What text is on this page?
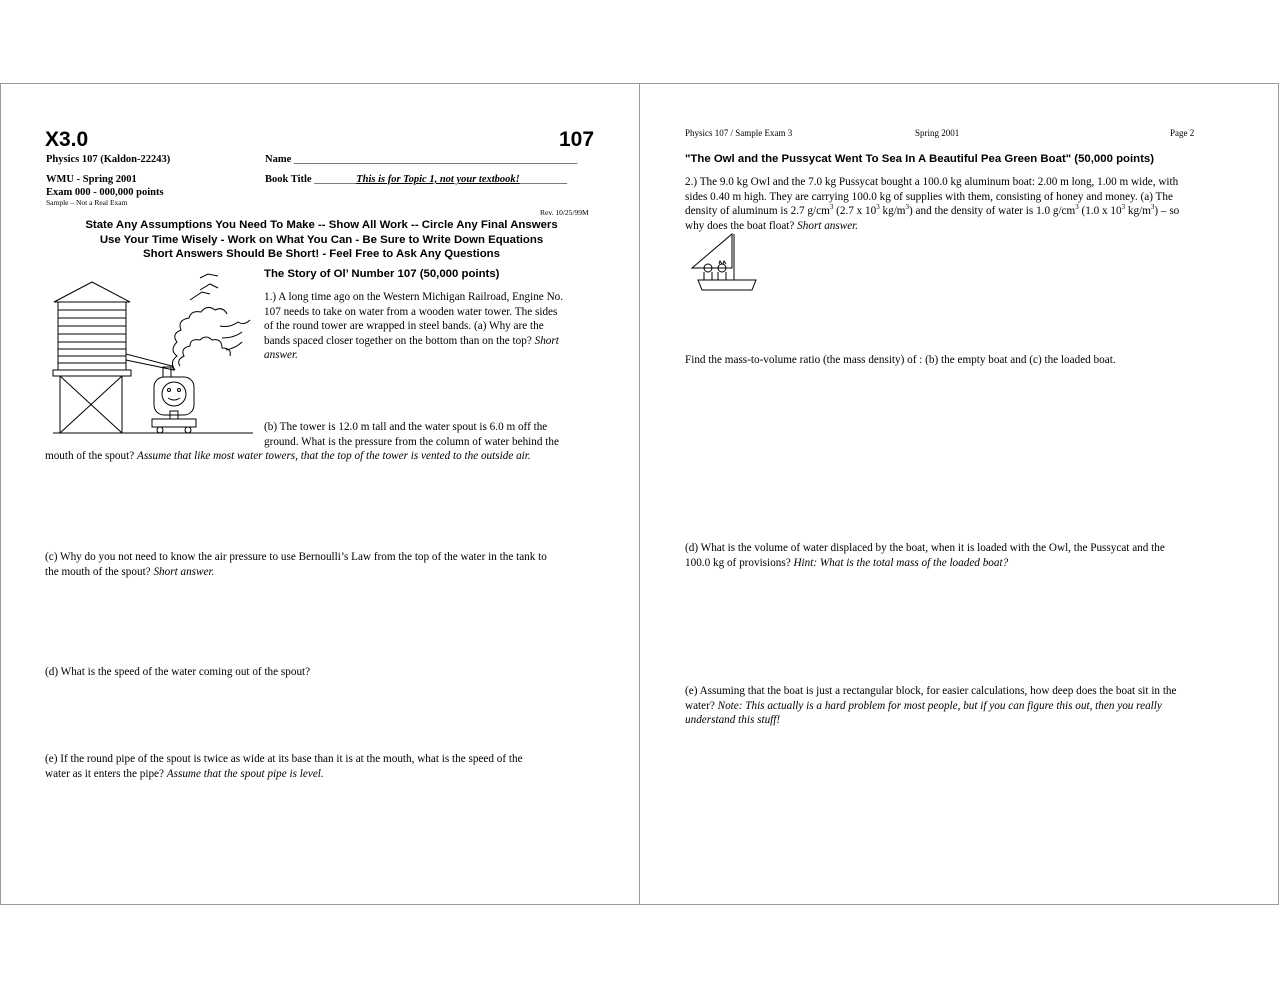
X3.0	107
Physics 107 (Kaldon-22243)
WMU - Spring 2001
Exam 000 - 000,000 points
Sample – Not a Real Exam
Name ______________________________________________________
Book Title ________This is for Topic 1, not your textbook!_________
Rev. 10/25/99M
State Any Assumptions You Need To Make -- Show All Work -- Circle Any Final Answers
Use Your Time Wisely - Work on What You Can - Be Sure to Write Down Equations
Short Answers Should Be Short! - Feel Free to Ask Any Questions
The Story of Ol’ Number 107 (50,000 points)
1.) A long time ago on the Western Michigan Railroad, Engine No.
107 needs to take on water from a wooden water tower. The sides
of the round tower are wrapped in steel bands. (a) Why are the
bands spaced closer together on the bottom than on the top? Short
answer.
(b) The tower is 12.0 m tall and the water spout is 6.0 m off the
ground. What is the pressure from the column of water behind the
mouth of the spout? Assume that like most water towers, that the top of the tower is vented to the outside air.
(c) Why do you not need to know the air pressure to use Bernoulli’s Law from the top of the water in the tank to
the mouth of the spout? Short answer.
(d) What is the speed of the water coming out of the spout?
(e) If the round pipe of the spout is twice as wide at its base than it is at the mouth, what is the speed of the
water as it enters the pipe? Assume that the spout pipe is level.
Physics 107 / Sample Exam 3	Spring 2001	Page 2
"The Owl and the Pussycat Went To Sea In A Beautiful Pea Green Boat" (50,000 points)
2.) The 9.0 kg Owl and the 7.0 kg Pussycat bought a 100.0 kg aluminum boat: 2.00 m long, 1.00 m wide, with
sides 0.40 m high. They are carrying 100.0 kg of supplies with them, consisting of honey and money. (a) The
density of aluminum is 2.7 $g/cm^3$ (2.7 x $10^3$ $kg/m^3$) and the density of water is 1.0 $g/cm^3$ (1.0 x $10^3$ $kg/m^3$) – so
why does the boat float? Short answer.
Find the mass-to-volume ratio (the mass density) of : (b) the empty boat and (c) the loaded boat.
(d) What is the volume of water displaced by the boat, when it is loaded with the Owl, the Pussycat and the
100.0 kg of provisions? Hint: What is the total mass of the loaded boat?
(e) Assuming that the boat is just a rectangular block, for easier calculations, how deep does the boat sit in the
water? Note: This actually is a hard problem for most people, but if you can figure this out, then you really
understand this stuff!
